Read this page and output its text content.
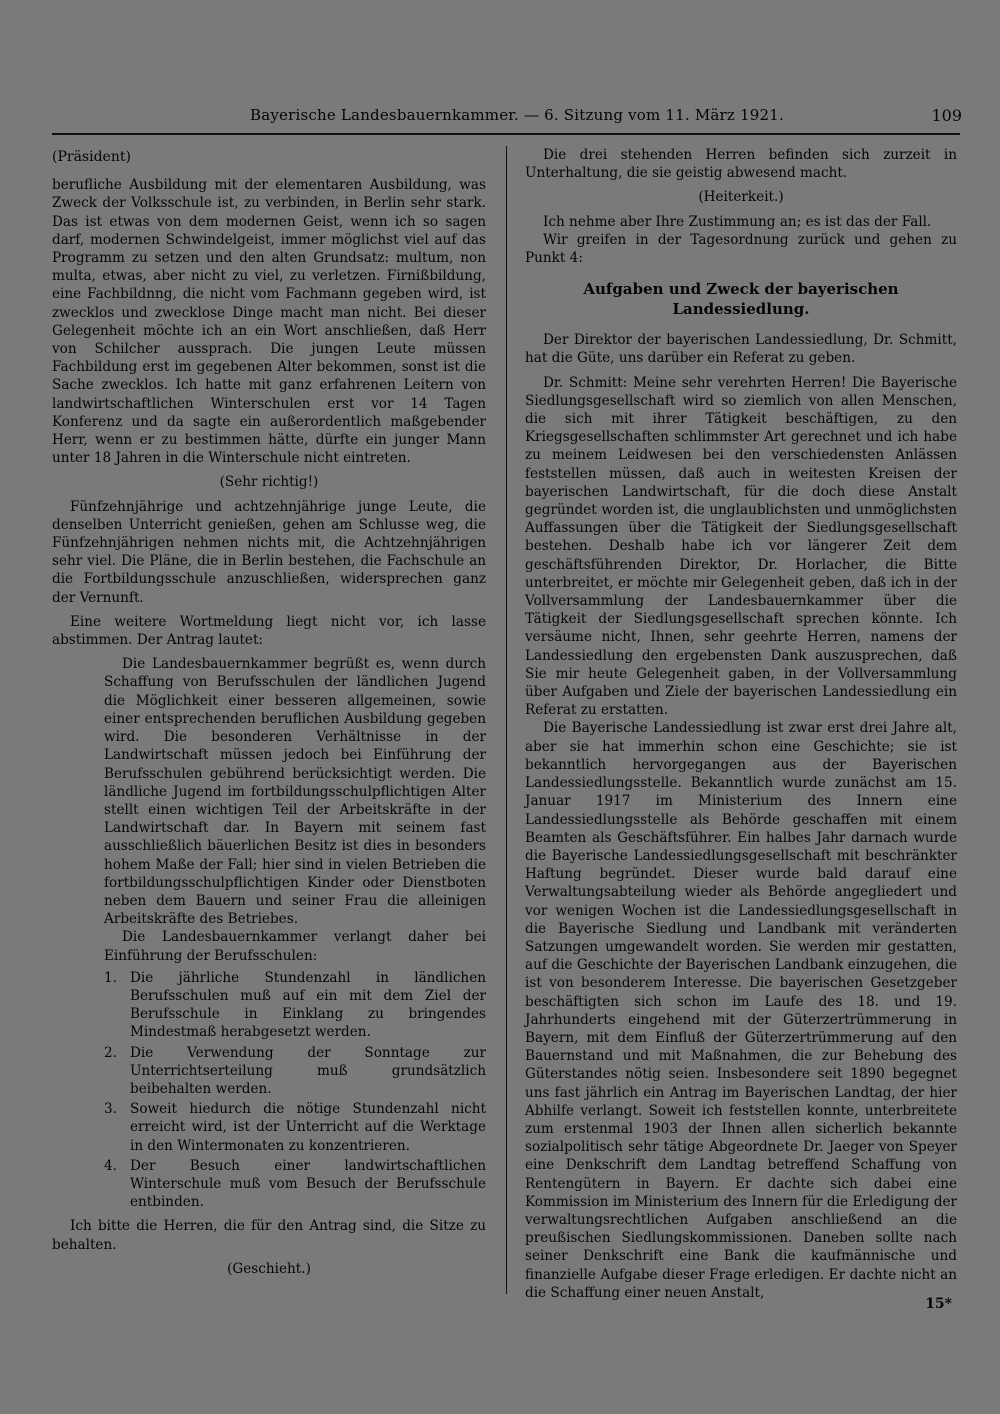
Bayerische Landesbauernkammer. — 6. Sitzung vom 11. März 1921.	109
(Präsident)

berufliche Ausbildung mit der elementaren Ausbildung, was Zweck der Volksschule ist, zu verbinden, in Berlin sehr stark. Das ist etwas von dem modernen Geist, wenn ich so sagen darf, modernen Schwindelgeist, immer möglichst viel auf das Programm zu setzen und den alten Grundsatz: multum, non multa, etwas, aber nicht zu viel, zu verletzen. Firnißbildung, eine Fachbildnng, die nicht vom Fachmann gegeben wird, ist zwecklos und zwecklose Dinge macht man nicht. Bei dieser Gelegenheit möchte ich an ein Wort anschließen, daß Herr von Schilcher aussprach. Die jungen Leute müssen Fachbildung erst im gegebenen Alter bekommen, sonst ist die Sache zwecklos. Ich hatte mit ganz erfahrenen Leitern von landwirtschaftlichen Winterschulen erst vor 14 Tagen Konferenz und da sagte ein außerordentlich maßgebender Herr, wenn er zu bestimmen hätte, dürfte ein junger Mann unter 18 Jahren in die Winterschule nicht eintreten.

(Sehr richtig!)

Fünfzehnjährige und achtzehnjährige junge Leute, die denselben Unterricht genießen, gehen am Schlusse weg, die Fünfzehnjährigen nehmen nichts mit, die Achtzehnjährigen sehr viel. Die Pläne, die in Berlin bestehen, die Fachschule an die Fortbildungsschule anzuschließen, widersprechen ganz der Vernunft.

Eine weitere Wortmeldung liegt nicht vor, ich lasse abstimmen. Der Antrag lautet:

Die Landesbauernkammer begrüßt es, wenn durch Schaffung von Berufsschulen der ländlichen Jugend die Möglichkeit einer besseren allgemeinen, sowie einer entsprechenden beruflichen Ausbildung gegeben wird. Die besonderen Verhältnisse in der Landwirtschaft müssen jedoch bei Einführung der Berufsschulen gebührend berücksichtigt werden. Die ländliche Jugend im fortbildungsschulpflichtigen Alter stellt einen wichtigen Teil der Arbeitskräfte in der Landwirtschaft dar. In Bayern mit seinem fast ausschließlich bäuerlichen Besitz ist dies in besonders hohem Maße der Fall; hier sind in vielen Betrieben die fortbildungsschulpflichtigen Kinder oder Dienstboten neben dem Bauern und seiner Frau die alleinigen Arbeitskräfte des Betriebes.

Die Landesbauernkammer verlangt daher bei Einführung der Berufsschulen:

1. Die jährliche Stundenzahl in ländlichen Berufsschulen muß auf ein mit dem Ziel der Berufsschule in Einklang zu bringendes Mindestmaß herabgesetzt werden.
2. Die Verwendung der Sonntage zur Unterrichtserteilung muß grundsätzlich beibehalten werden.
3. Soweit hiedurch die nötige Stundenzahl nicht erreicht wird, ist der Unterricht auf die Werktage in den Wintermonaten zu konzentrieren.
4. Der Besuch einer landwirtschaftlichen Winterschule muß vom Besuch der Berufsschule entbinden.

Ich bitte die Herren, die für den Antrag sind, die Sitze zu behalten.

(Geschieht.)

Die drei stehenden Herren befinden sich zurzeit in Unterhaltung, die sie geistig abwesend macht.

(Heiterkeit.)

Ich nehme aber Ihre Zustimmung an; es ist das der Fall.

Wir greifen in der Tagesordnung zurück und gehen zu Punkt 4:

Aufgaben und Zweck der bayerischen Landessiedlung.

Der Direktor der bayerischen Landessiedlung, Dr. Schmitt, hat die Güte, uns darüber ein Referat zu geben.

Dr. Schmitt: Meine sehr verehrten Herren! Die Bayerische Siedlungsgesellschaft wird so ziemlich von allen Menschen, die sich mit ihrer Tätigkeit beschäftigen, zu den Kriegsgesellschaften schlimmster Art gerechnet und ich habe zu meinem Leidwesen bei den verschiedensten Anlässen feststellen müssen, daß auch in weitesten Kreisen der bayerischen Landwirtschaft, für die doch diese Anstalt gegründet worden ist, die unglaublichsten und unmöglichsten Auffassungen über die Tätigkeit der Siedlungsgesellschaft bestehen. Deshalb habe ich vor längerer Zeit dem geschäftsführenden Direktor, Dr. Horlacher, die Bitte unterbreitet, er möchte mir Gelegenheit geben, daß ich in der Vollversammlung der Landesbauernkammer über die Tätigkeit der Siedlungsgesellschaft sprechen könnte. Ich versäume nicht, Ihnen, sehr geehrte Herren, namens der Landessiedlung den ergebensten Dank auszusprechen, daß Sie mir heute Gelegenheit gaben, in der Vollversammlung über Aufgaben und Ziele der bayerischen Landessiedlung ein Referat zu erstatten.

Die Bayerische Landessiedlung ist zwar erst drei Jahre alt, aber sie hat immerhin schon eine Geschichte; sie ist bekanntlich hervorgegangen aus der Bayerischen Landessiedlungsstelle. Bekanntlich wurde zunächst am 15. Januar 1917 im Ministerium des Innern eine Landessiedlungsstelle als Behörde geschaffen mit einem Beamten als Geschäftsführer. Ein halbes Jahr darnach wurde die Bayerische Landessiedlungsgesellschaft mit beschränkter Haftung begründet. Dieser wurde bald darauf eine Verwaltungsabteilung wieder als Behörde angegliedert und vor wenigen Wochen ist die Landessiedlungsgesellschaft in die Bayerische Siedlung und Landbank mit veränderten Satzungen umgewandelt worden. Sie werden mir gestatten, auf die Geschichte der Bayerischen Landbank einzugehen, die ist von besonderem Interesse. Die bayerischen Gesetzgeber beschäftigten sich schon im Laufe des 18. und 19. Jahrhunderts eingehend mit der Güterzertrümmerung in Bayern, mit dem Einfluß der Güterzertrümmerung auf den Bauernstand und mit Maßnahmen, die zur Behebung des Güterstandes nötig seien. Insbesondere seit 1890 begegnet uns fast jährlich ein Antrag im Bayerischen Landtag, der hier Abhilfe verlangt. Soweit ich feststellen konnte, unterbreitete zum erstenmal 1903 der Ihnen allen sicherlich bekannte sozialpolitisch sehr tätige Abgeordnete Dr. Jaeger von Speyer eine Denkschrift dem Landtag betreffend Schaffung von Rentengütern in Bayern. Er dachte sich dabei eine Kommission im Ministerium des Innern für die Erledigung der verwaltungsrechtlichen Aufgaben anschließend an die preußischen Siedlungskommissionen. Daneben sollte nach seiner Denkschrift eine Bank die kaufmännische und finanzielle Aufgabe dieser Frage erledigen. Er dachte nicht an die Schaffung einer neuen Anstalt,

15*
